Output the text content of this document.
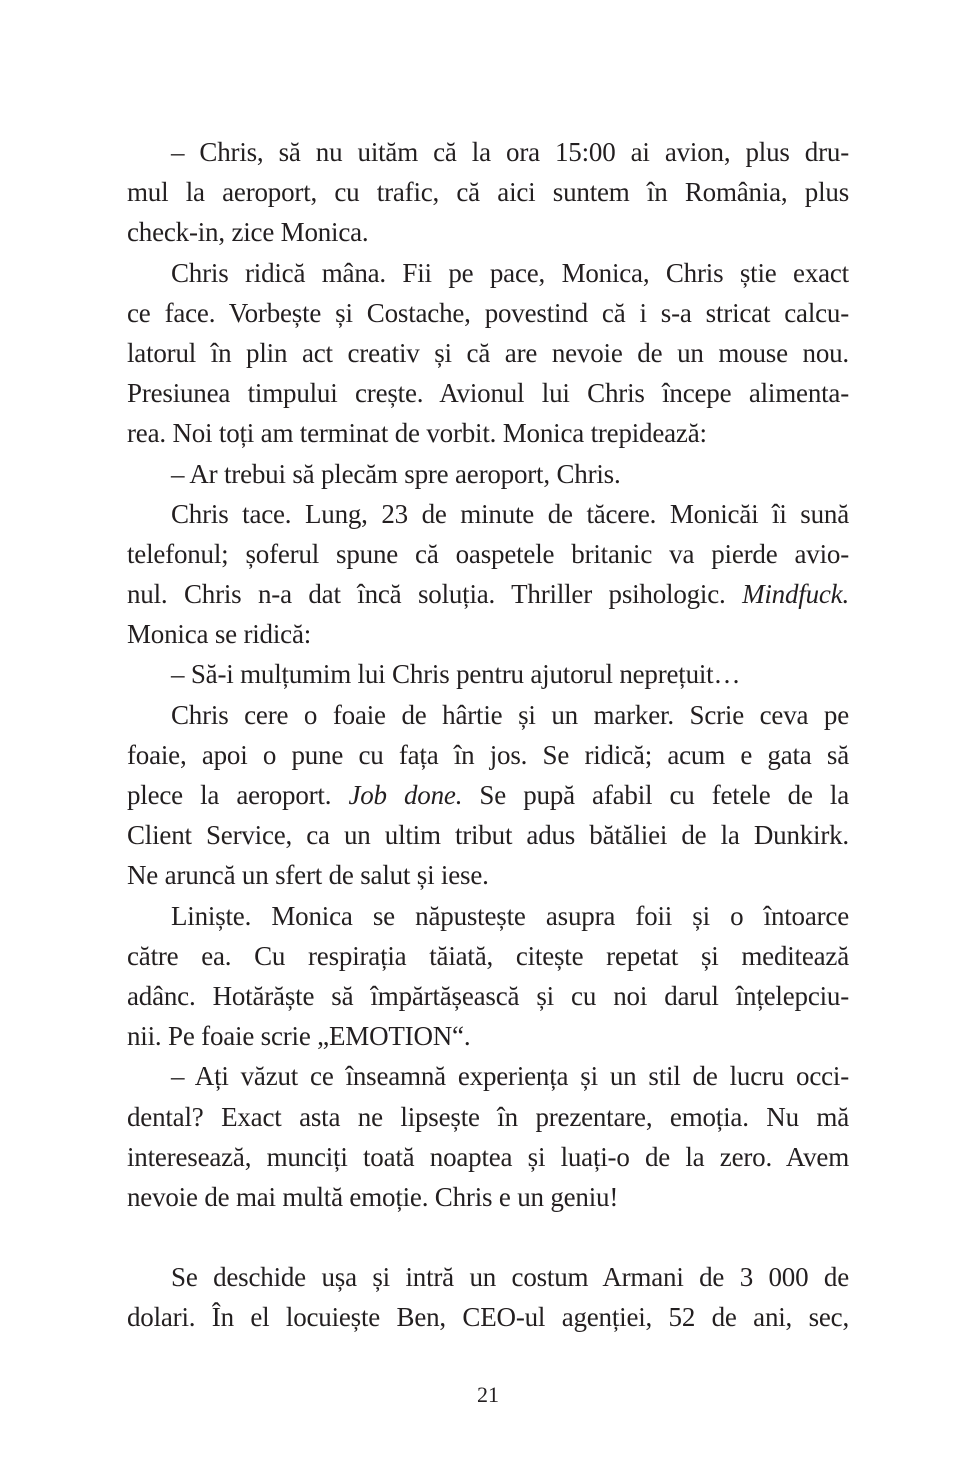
– Chris, să nu uităm că la ora 15:00 ai avion, plus dru-
mul la aeroport, cu trafic, că aici suntem în România, plus
check-in, zice Monica.
Chris ridică mâna. Fii pe pace, Monica, Chris știe exact
ce face. Vorbește și Costache, povestind că i s-a stricat calcu-
latorul în plin act creativ și că are nevoie de un mouse nou.
Presiunea timpului crește. Avionul lui Chris începe alimenta-
rea. Noi toți am terminat de vorbit. Monica trepidează:
– Ar trebui să plecăm spre aeroport, Chris.
Chris tace. Lung, 23 de minute de tăcere. Monicăi îi sună
telefonul; șoferul spune că oaspetele britanic va pierde avio-
nul. Chris n-a dat încă soluția. Thriller psihologic. Mindfuck.
Monica se ridică:
– Să-i mulțumim lui Chris pentru ajutorul neprețuit…
Chris cere o foaie de hârtie și un marker. Scrie ceva pe
foaie, apoi o pune cu fața în jos. Se ridică; acum e gata să
plece la aeroport. Job done. Se pupă afabil cu fetele de la
Client Service, ca un ultim tribut adus bătăliei de la Dunkirk.
Ne aruncă un sfert de salut și iese.
Liniște. Monica se năpustește asupra foii și o întoarce
către ea. Cu respirația tăiată, citește repetat și meditează
adânc. Hotărăște să împărtășească și cu noi darul înțelepciu-
nii. Pe foaie scrie „EMOTION“.
– Ați văzut ce înseamnă experiența și un stil de lucru occi-
dental? Exact asta ne lipsește în prezentare, emoția. Nu mă
interesează, munciți toată noaptea și luați-o de la zero. Avem
nevoie de mai multă emoție. Chris e un geniu!
Se deschide ușa și intră un costum Armani de 3 000 de
dolari. În el locuiește Ben, CEO-ul agenției, 52 de ani, sec,
21
